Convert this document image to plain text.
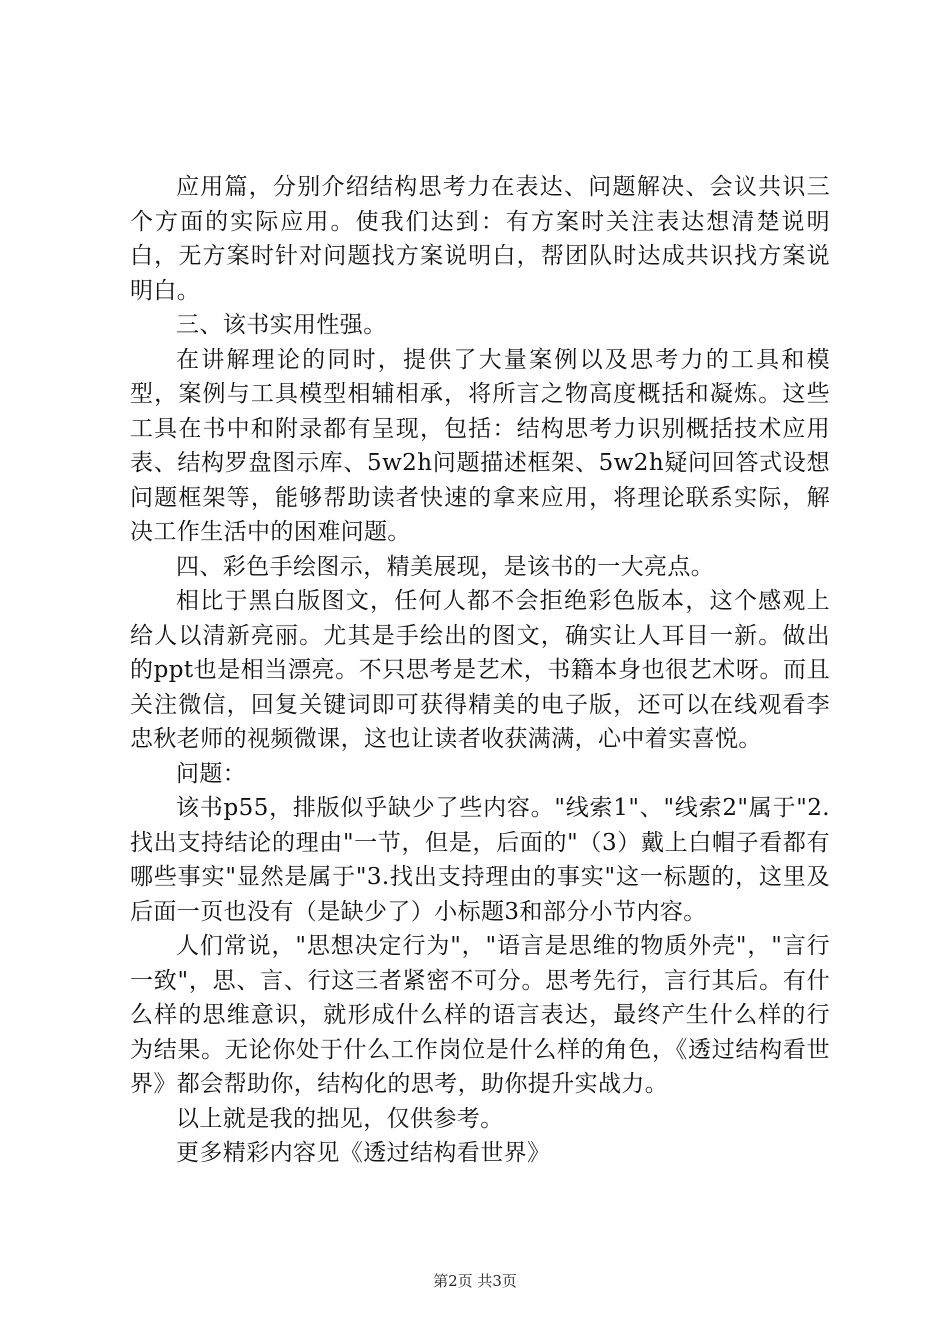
应用篇，分别介绍结构思考力在表达、问题解决、会议共识三个方面的实际应用。使我们达到：有方案时关注表达想清楚说明白，无方案时针对问题找方案说明白，帮团队时达成共识找方案说明白。

三、该书实用性强。

在讲解理论的同时，提供了大量案例以及思考力的工具和模型，案例与工具模型相辅相承，将所言之物高度概括和凝炼。这些工具在书中和附录都有呈现，包括：结构思考力识别概括技术应用表、结构罗盘图示库、5w2h问题描述框架、5w2h疑问回答式设想问题框架等，能够帮助读者快速的拿来应用，将理论联系实际，解决工作生活中的困难问题。

四、彩色手绘图示，精美展现，是该书的一大亮点。

相比于黑白版图文，任何人都不会拒绝彩色版本，这个感观上给人以清新亮丽。尤其是手绘出的图文，确实让人耳目一新。做出的ppt也是相当漂亮。不只思考是艺术，书籍本身也很艺术呀。而且关注微信，回复关键词即可获得精美的电子版，还可以在线观看李忠秋老师的视频微课，这也让读者收获满满，心中着实喜悦。

问题：

该书p55，排版似乎缺少了些内容。"线索1"、"线索2"属于"2.找出支持结论的理由"一节，但是，后面的"（3）戴上白帽子看都有哪些事实"显然是属于"3.找出支持理由的事实"这一标题的，这里及后面一页也没有（是缺少了）小标题3和部分小节内容。

人们常说，"思想决定行为"，"语言是思维的物质外壳"，"言行一致"，思、言、行这三者紧密不可分。思考先行，言行其后。有什么样的思维意识，就形成什么样的语言表达，最终产生什么样的行为结果。无论你处于什么工作岗位是什么样的角色，《透过结构看世界》都会帮助你，结构化的思考，助你提升实战力。

以上就是我的拙见，仅供参考。

更多精彩内容见《透过结构看世界》

第2页 共3页
